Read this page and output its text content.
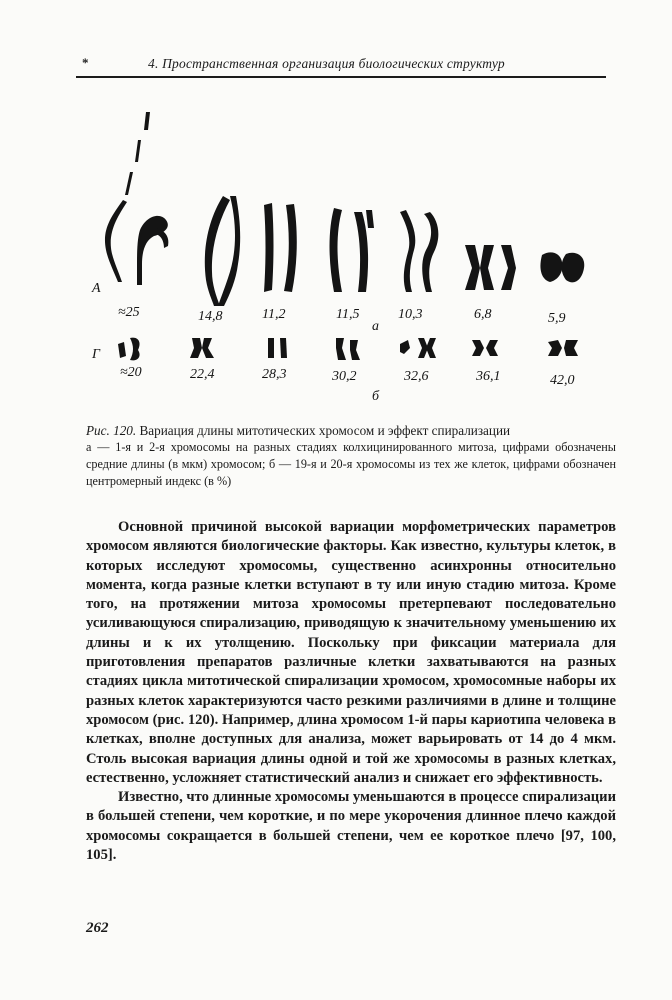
*	4. Пространственная организация биологических структур
A
Г
а
б
≈25	14,8	11,2	11,5	10,3	6,8	5,9
≈20	22,4	28,3	30,2	32,6	36,1	42,0
Рис. 120. Вариация длины митотических хромосом и эффект спирализации
а — 1-я и 2-я хромосомы на разных стадиях колхицинированного митоза, цифрами обозначены средние длины (в мкм) хромосом; б — 19-я и 20-я хромосомы из тех же клеток, цифрами обозначен центромерный индекс (в %)

Основной причиной высокой вариации морфометрических параметров хромосом являются биологические факторы. Как известно, культуры клеток, в которых исследуют хромосомы, существенно асинхронны относительно момента, когда разные клетки вступают в ту или иную стадию митоза. Кроме того, на протяжении митоза хромосомы претерпевают последовательно усиливающуюся спирализацию, приводящую к значительному уменьшению их длины и к их утолщению. Поскольку при фиксации материала для приготовления препаратов различные клетки захватываются на разных стадиях цикла митотической спирализации хромосом, хромосомные наборы их разных клеток характеризуются часто резкими различиями в длине и толщине хромосом (рис. 120). Например, длина хромосом 1-й пары кариотипа человека в клетках, вполне доступных для анализа, может варьировать от 14 до 4 мкм. Столь высокая вариация длины одной и той же хромосомы в разных клетках, естественно, усложняет статистический анализ и снижает его эффективность.

Известно, что длинные хромосомы уменьшаются в процессе спирализации в большей степени, чем короткие, и по мере укорочения длинное плечо каждой хромосомы сокращается в большей степени, чем ее короткое плечо [97, 100, 105].

262
